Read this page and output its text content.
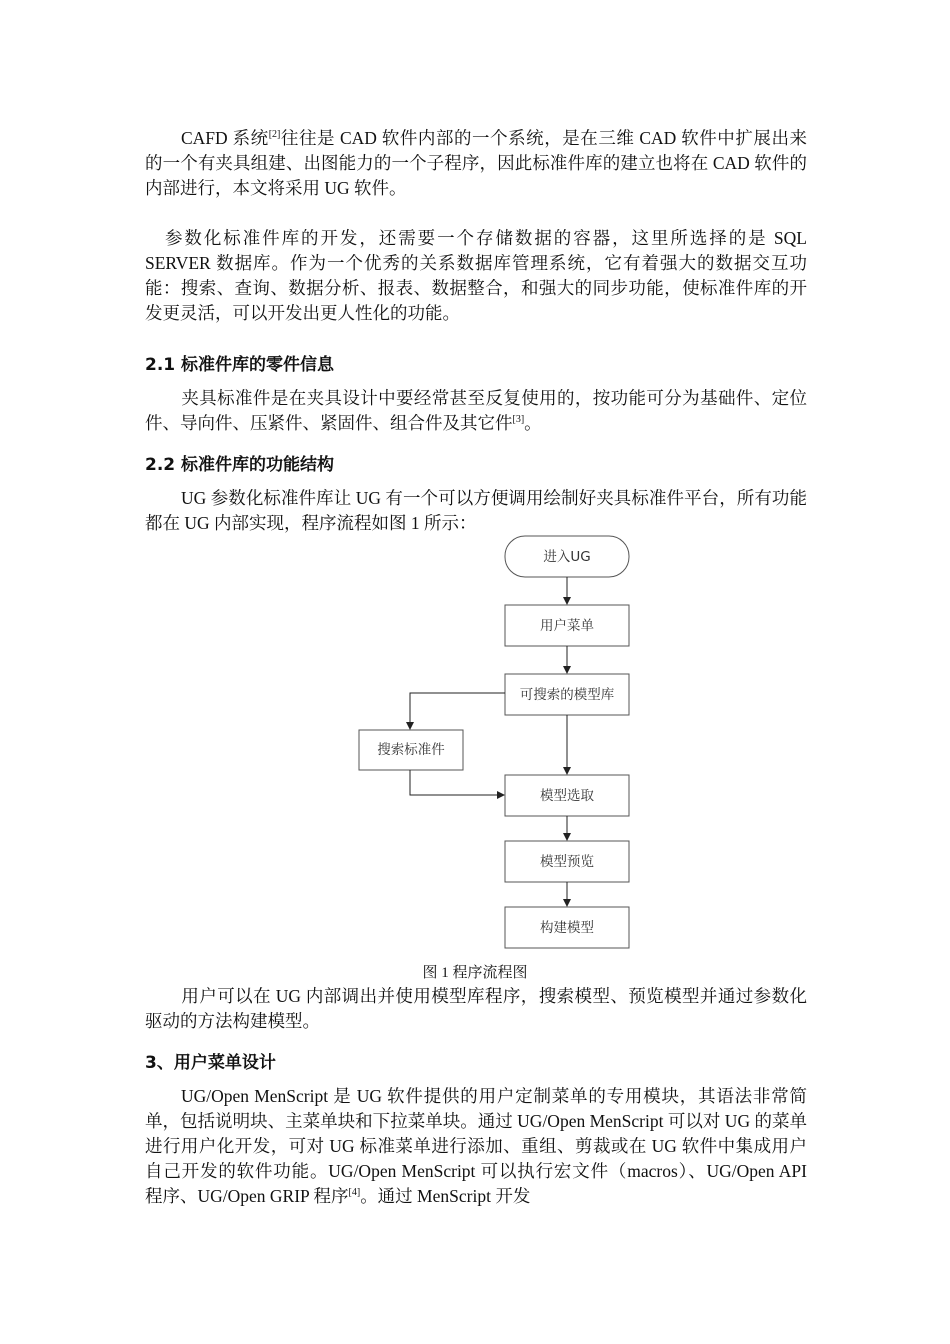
CAFD 系统[2]往往是 CAD 软件内部的一个系统，是在三维 CAD 软件中扩展出来的一个有夹具组建、出图能力的一个子程序，因此标准件库的建立也将在 CAD 软件的内部进行，本文将采用 UG 软件。

参数化标准件库的开发，还需要一个存储数据的容器，这里所选择的是 SQL SERVER 数据库。作为一个优秀的关系数据库管理系统，它有着强大的数据交互功能：搜索、查询、数据分析、报表、数据整合，和强大的同步功能，使标准件库的开发更灵活，可以开发出更人性化的功能。

2.1 标准件库的零件信息

夹具标准件是在夹具设计中要经常甚至反复使用的，按功能可分为基础件、定位件、导向件、压紧件、紧固件、组合件及其它件[3]。

2.2 标准件库的功能结构

UG 参数化标准件库让 UG 有一个可以方便调用绘制好夹具标准件平台，所有功能都在 UG 内部实现，程序流程如图 1 所示：

进入UG
用户菜单
可搜索的模型库
搜索标准件
模型选取
模型预览
构建模型

图 1 程序流程图

用户可以在 UG 内部调出并使用模型库程序，搜索模型、预览模型并通过参数化驱动的方法构建模型。

3、用户菜单设计

UG/Open MenScript 是 UG 软件提供的用户定制菜单的专用模块，其语法非常简单，包括说明块、主菜单块和下拉菜单块。通过 UG/Open MenScript 可以对 UG 的菜单进行用户化开发，可对 UG 标准菜单进行添加、重组、剪裁或在 UG 软件中集成用户自己开发的软件功能。UG/Open MenScript 可以执行宏文件（macros）、UG/Open API 程序、UG/Open GRIP 程序[4]。通过 MenScript 开发
